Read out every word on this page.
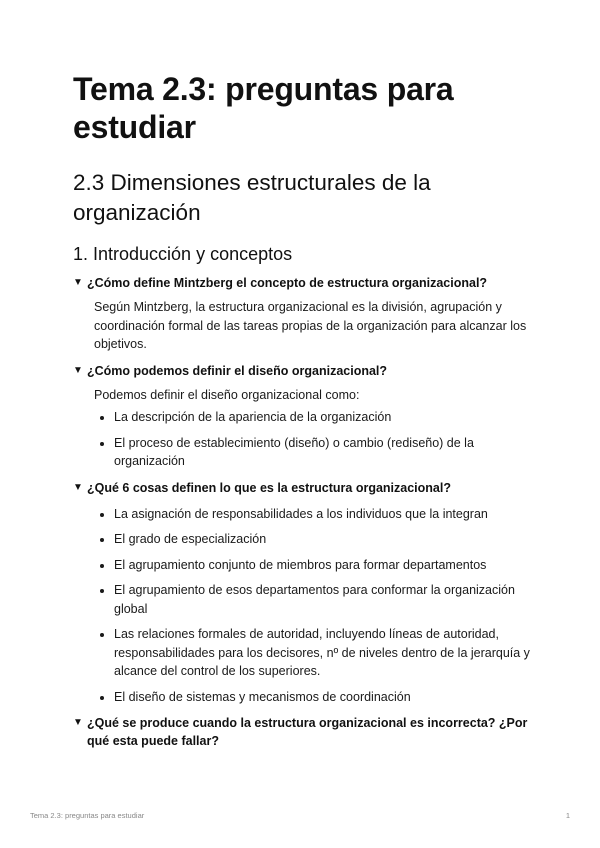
Tema 2.3: preguntas para estudiar
2.3 Dimensiones estructurales de la organización
1. Introducción y conceptos
▼ ¿Cómo define Mintzberg el concepto de estructura organizacional?

Según Mintzberg, la estructura organizacional es la división, agrupación y coordinación formal de las tareas propias de la organización para alcanzar los objetivos.

▼ ¿Cómo podemos definir el diseño organizacional?

Podemos definir el diseño organizacional como:

• La descripción de la apariencia de la organización
• El proceso de establecimiento (diseño) o cambio (rediseño) de la organización
▼ ¿Qué 6 cosas definen lo que es la estructura organizacional?
• La asignación de responsabilidades a los individuos que la integran
• El grado de especialización
• El agrupamiento conjunto de miembros para formar departamentos
• El agrupamiento de esos departamentos para conformar la organización global
• Las relaciones formales de autoridad, incluyendo líneas de autoridad, responsabilidades para los decisores, nº de niveles dentro de la jerarquía y alcance del control de los superiores.
• El diseño de sistemas y mecanismos de coordinación
▼ ¿Qué se produce cuando la estructura organizacional es incorrecta? ¿Por qué esta puede fallar?
Tema 2.3: preguntas para estudiar	1
